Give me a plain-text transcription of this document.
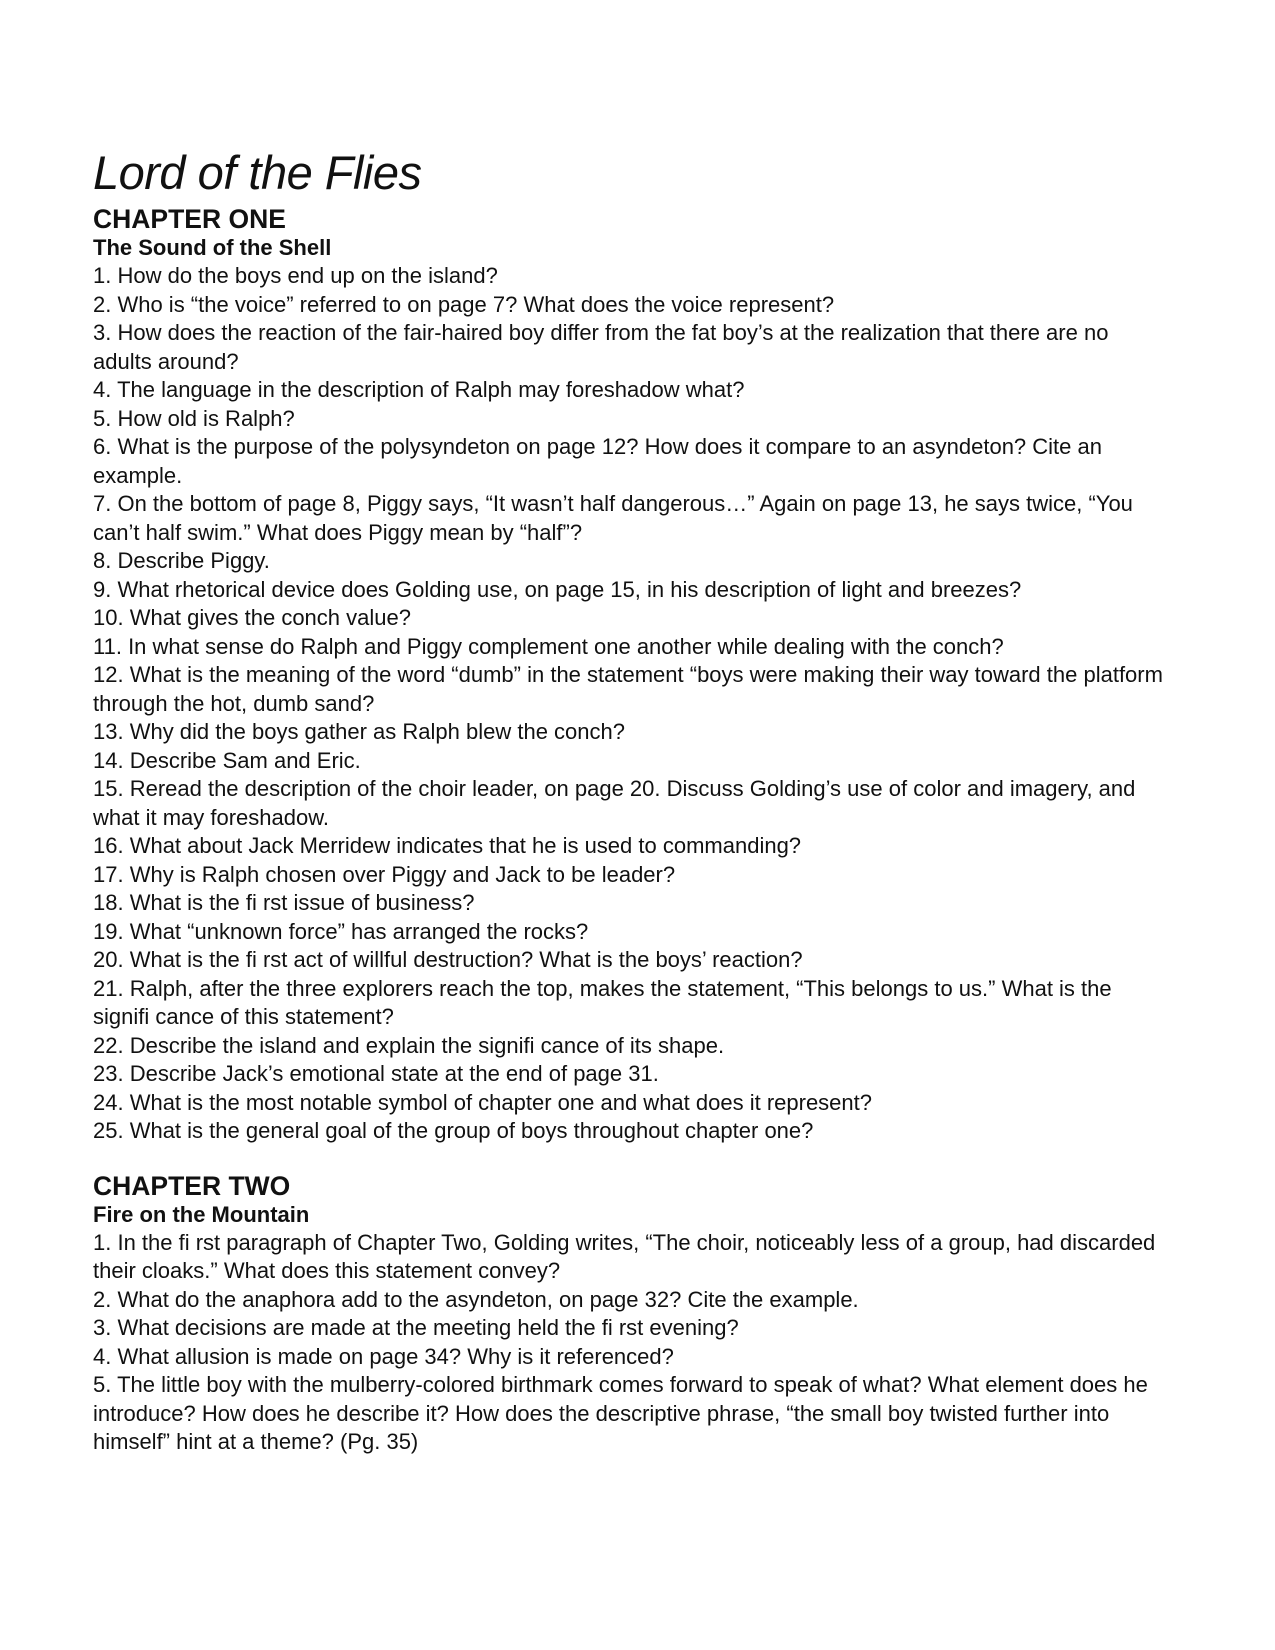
Lord of the Flies
CHAPTER ONE
The Sound of the Shell
1. How do the boys end up on the island?
2. Who is “the voice” referred to on page 7? What does the voice represent?
3. How does the reaction of the fair-haired boy differ from the fat boy’s at the realization that there are no adults around?
4. The language in the description of Ralph may foreshadow what?
5. How old is Ralph?
6. What is the purpose of the polysyndeton on page 12? How does it compare to an asyndeton? Cite an example.
7. On the bottom of page 8, Piggy says, “It wasn’t half dangerous…” Again on page 13, he says twice, “You can’t half swim.” What does Piggy mean by “half”?
8. Describe Piggy.
9. What rhetorical device does Golding use, on page 15, in his description of light and breezes?
10. What gives the conch value?
11. In what sense do Ralph and Piggy complement one another while dealing with the conch?
12. What is the meaning of the word “dumb” in the statement “boys were making their way toward the platform through the hot, dumb sand?
13. Why did the boys gather as Ralph blew the conch?
14. Describe Sam and Eric.
15. Reread the description of the choir leader, on page 20. Discuss Golding’s use of color and imagery, and what it may foreshadow.
16. What about Jack Merridew indicates that he is used to commanding?
17. Why is Ralph chosen over Piggy and Jack to be leader?
18. What is the fi rst issue of business?
19. What “unknown force” has arranged the rocks?
20. What is the fi rst act of willful destruction? What is the boys’ reaction?
21. Ralph, after the three explorers reach the top, makes the statement, “This belongs to us.” What is the signifi cance of this statement?
22. Describe the island and explain the signifi cance of its shape.
23. Describe Jack’s emotional state at the end of page 31.
24. What is the most notable symbol of chapter one and what does it represent?
25. What is the general goal of the group of boys throughout chapter one?
CHAPTER TWO
Fire on the Mountain
1. In the fi rst paragraph of Chapter Two, Golding writes, “The choir, noticeably less of a group, had discarded their cloaks.” What does this statement convey?
2. What do the anaphora add to the asyndeton, on page 32? Cite the example.
3. What decisions are made at the meeting held the fi rst evening?
4. What allusion is made on page 34? Why is it referenced?
5. The little boy with the mulberry-colored birthmark comes forward to speak of what? What element does he introduce? How does he describe it? How does the descriptive phrase, “the small boy twisted further into himself” hint at a theme? (Pg. 35)
